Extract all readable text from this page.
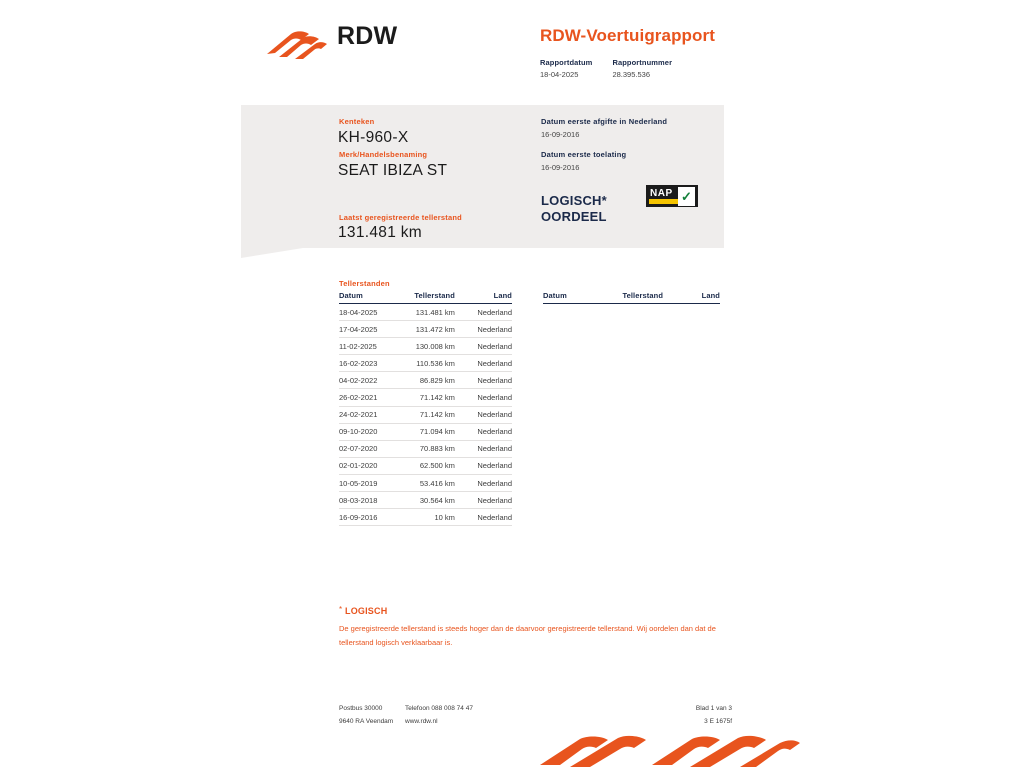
RDW	RDW-Voertuigrapport
Rapportdatum
18-04-2025

Rapportnummer
28.395.536
Kenteken
KH-960-X
Merk/Handelsbenaming
SEAT IBIZA ST
Laatst geregistreerde tellerstand
131.481 km
Datum eerste afgifte in Nederland
16-09-2016
Datum eerste toelating
16-09-2016
LOGISCH*
OORDEEL
NAP ✓
Tellerstanden
Datum	Tellerstand	Land
18-04-2025	131.481 km	Nederland
17-04-2025	131.472 km	Nederland
11-02-2025	130.008 km	Nederland
16-02-2023	110.536 km	Nederland
04-02-2022	86.829 km	Nederland
26-02-2021	71.142 km	Nederland
24-02-2021	71.142 km	Nederland
09-10-2020	71.094 km	Nederland
02-07-2020	70.883 km	Nederland
02-01-2020	62.500 km	Nederland
10-05-2019	53.416 km	Nederland
08-03-2018	30.564 km	Nederland
16-09-2016	10 km	Nederland
Datum	Tellerstand	Land
* LOGISCH
De geregistreerde tellerstand is steeds hoger dan de daarvoor geregistreerde tellerstand. Wij oordelen dan dat de tellerstand logisch verklaarbaar is.
Postbus 30000
9640 RA Veendam
Telefoon 088 008 74 47
www.rdw.nl
Blad 1 van 3
3 E 1675f
